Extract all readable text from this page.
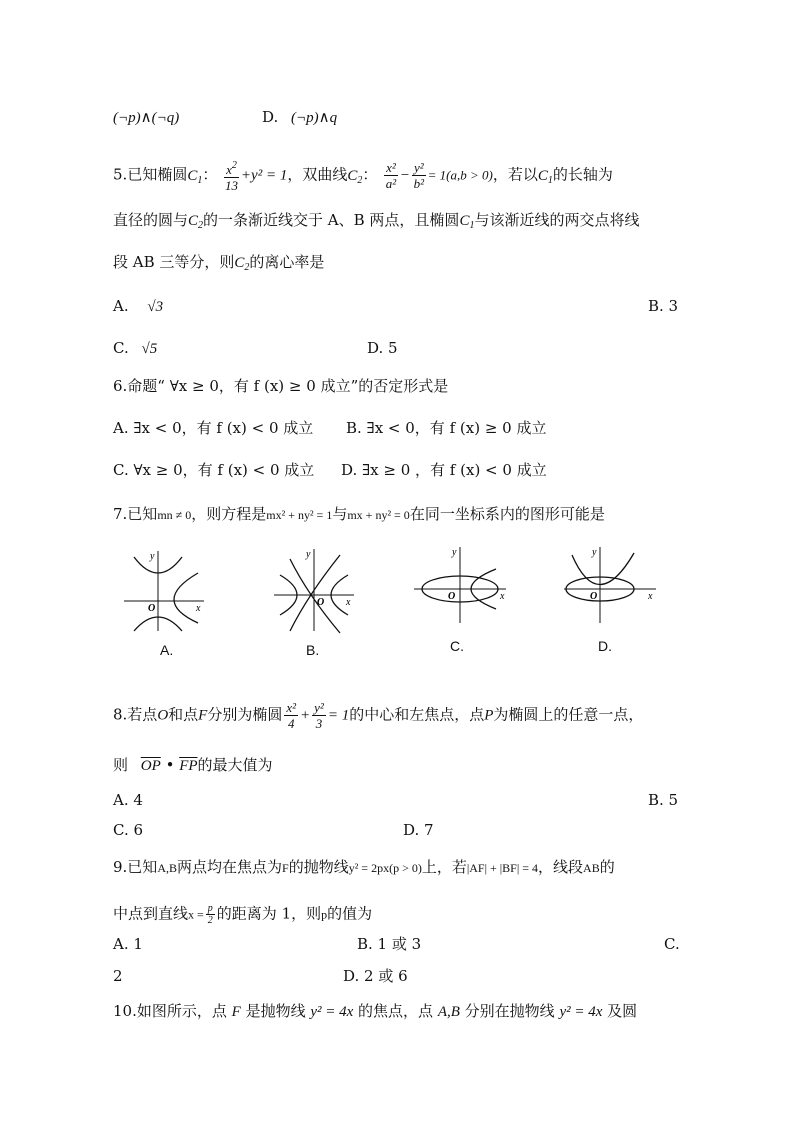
(¬p)∧(¬q)	D. (¬p)∧q
5.已知椭圆$C_1$： $\frac{x^2}{13} +y^2 = 1$，双曲线$C_2$： $\frac{\text{x²}}{\text{a²}} - \frac{\text{y²}}{\text{b²}} = 1(a,b > 0)$，若以$C_1$的长轴为
直径的圆与$C_2$的一条渐近线交于 A、B 两点，且椭圆$C_1$与该渐近线的两交点将线
段 AB 三等分，则$C_2$的离心率是
A. √3	B. 3
C. √5	D. 5
6.命题“ ∀x ≥ 0，有 f (x) ≥ 0 成立”的否定形式是
A. ∃x < 0，有 f (x) < 0 成立 B. ∃x < 0，有 f (x) ≥ 0 成立
C. ∀x ≥ 0，有 f (x) < 0 成立 D. ∃x ≥ 0 ，有 f (x) < 0 成立
7.已知mn ≠ 0，则方程是mx² + ny² = 1与mx + ny² = 0在同一坐标系内的图形可能是
y
x
O
A.
y
x
O
B.
y
x
O
C.
y
x
O
D.
8.若点O和点F分别为椭圆 $\frac{\text{x²}}{4} + \frac{\text{y²}}{3} = 1$的中心和左焦点，点P为椭圆上的任意一点，
则 $\overline{OP}$ • $\overline{FP}$的最大值为
A. 4	B. 5
C. 6	D. 7
9.已知A,B两点均在焦点为F的抛物线y² = 2px(p > 0)上，若|AF| + |BF| = 4，线段AB的
中点到直线$x = \frac{p}{2}$ 的距离为 1，则p的值为
A. 1	B. 1 或 3	C.
2	D. 2 或 6
10.如图所示，点 F 是抛物线 y² = 4x 的焦点，点 A,B 分别在抛物线 y² = 4x 及圆
